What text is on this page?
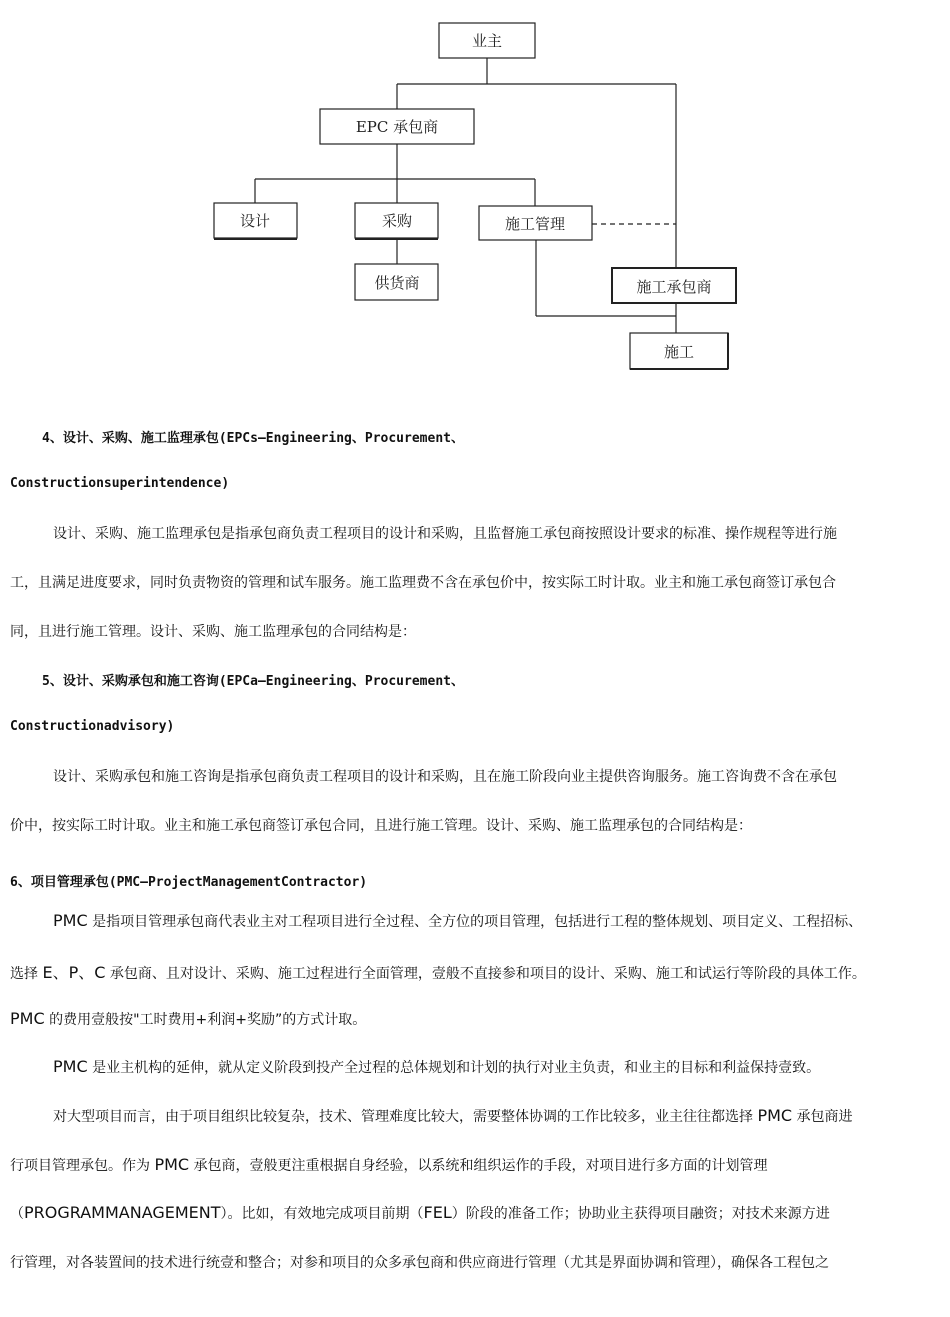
业主
EPC 承包商
设计	采购	施工管理
供货商	施工承包商
施工
4、设计、采购、施工监理承包(EPCs—Engineering、Procurement、
Constructionsuperintendence)
设计、采购、施工监理承包是指承包商负责工程项目的设计和采购，且监督施工承包商按照设计要求的标准、操作规程等进行施
工，且满足进度要求，同时负责物资的管理和试车服务。施工监理费不含在承包价中，按实际工时计取。业主和施工承包商签订承包合
同，且进行施工管理。设计、采购、施工监理承包的合同结构是：
5、设计、采购承包和施工咨询(EPCa—Engineering、Procurement、
Constructionadvisory)
设计、采购承包和施工咨询是指承包商负责工程项目的设计和采购，且在施工阶段向业主提供咨询服务。施工咨询费不含在承包
价中，按实际工时计取。业主和施工承包商签订承包合同，且进行施工管理。设计、采购、施工监理承包的合同结构是：
6、项目管理承包(PMC—ProjectManagementContractor)
PMC 是指项目管理承包商代表业主对工程项目进行全过程、全方位的项目管理，包括进行工程的整体规划、项目定义、工程招标、
选择 E、P、C 承包商、且对设计、采购、施工过程进行全面管理，壹般不直接参和项目的设计、采购、施工和试运行等阶段的具体工作。
PMC 的费用壹般按"工时费用+利润+奖励”的方式计取。
PMC 是业主机构的延伸，就从定义阶段到投产全过程的总体规划和计划的执行对业主负责，和业主的目标和利益保持壹致。
对大型项目而言，由于项目组织比较复杂，技术、管理难度比较大，需要整体协调的工作比较多，业主往往都选择 PMC 承包商进
行项目管理承包。作为 PMC 承包商，壹般更注重根据自身经验，以系统和组织运作的手段，对项目进行多方面的计划管理
（PROGRAMMANAGEMENT）。比如，有效地完成项目前期（FEL）阶段的准备工作；协助业主获得项目融资；对技术来源方进
行管理，对各装置间的技术进行统壹和整合；对参和项目的众多承包商和供应商进行管理（尤其是界面协调和管理），确保各工程包之
